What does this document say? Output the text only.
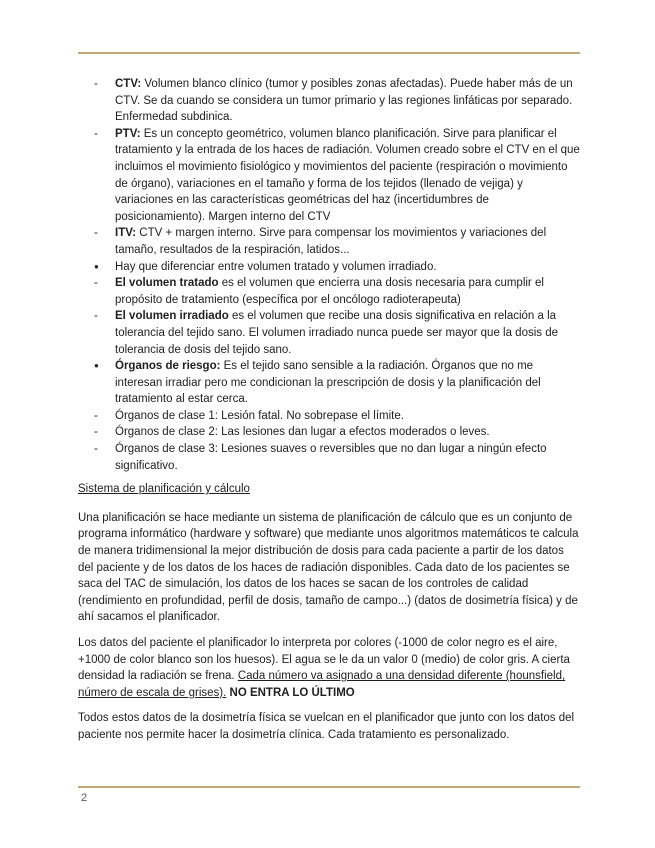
-
CTV: Volumen blanco clínico (tumor y posibles zonas afectadas). Puede haber más de un CTV. Se da cuando se considera un tumor primario y las regiones linfáticas por separado. Enfermedad subdinica.
-
PTV: Es un concepto geométrico, volumen blanco planificación. Sirve para planificar el tratamiento y la entrada de los haces de radiación. Volumen creado sobre el CTV en el que incluimos el movimiento fisiológico y movimientos del paciente (respiración o movimiento de órgano), variaciones en el tamaño y forma de los tejidos (llenado de vejiga) y variaciones en las características geométricas del haz (incertidumbres de posicionamiento). Margen interno del CTV
-
ITV: CTV + margen interno. Sirve para compensar los movimientos y variaciones del tamaño, resultados de la respiración, latidos...
●
Hay que diferenciar entre volumen tratado y volumen irradiado.
-
El volumen tratado es el volumen que encierra una dosis necesaria para cumplir el propósito de tratamiento (específica por el oncólogo radioterapeuta)
-
El volumen irradiado es el volumen que recibe una dosis significativa en relación a la tolerancia del tejido sano. El volumen irradiado nunca puede ser mayor que la dosis de tolerancia de dosis del tejido sano.
●
Órganos de riesgo: Es el tejido sano sensible a la radiación. Órganos que no me interesan irradiar pero me condicionan la prescripción de dosis y la planificación del tratamiento al estar cerca.
-
Órganos de clase 1: Lesión fatal. No sobrepase el límite.
-
Órganos de clase 2: Las lesiones dan lugar a efectos moderados o leves.
-
Órganos de clase 3: Lesiones suaves o reversibles que no dan lugar a ningún efecto significativo.
Sistema de planificación y cálculo

Una planificación se hace mediante un sistema de planificación de cálculo que es un conjunto de programa informático (hardware y software) que mediante unos algoritmos matemáticos te calcula de manera tridimensional la mejor distribución de dosis para cada paciente a partir de los datos del paciente y de los datos de los haces de radiación disponibles. Cada dato de los pacientes se saca del TAC de simulación, los datos de los haces se sacan de los controles de calidad (rendimiento en profundidad, perfil de dosis, tamaño de campo...) (datos de dosimetría física) y de ahí sacamos el planificador.

Los datos del paciente el planificador lo interpreta por colores (-1000 de color negro es el aire, +1000 de color blanco son los huesos). El agua se le da un valor 0 (medio) de color gris. A cierta densidad la radiación se frena. Cada número va asignado a una densidad diferente (hounsfield, número de escala de grises). NO ENTRA LO ÚLTIMO

Todos estos datos de la dosimetría física se vuelcan en el planificador que junto con los datos del paciente nos permite hacer la dosimetría clínica. Cada tratamiento es personalizado.

2
